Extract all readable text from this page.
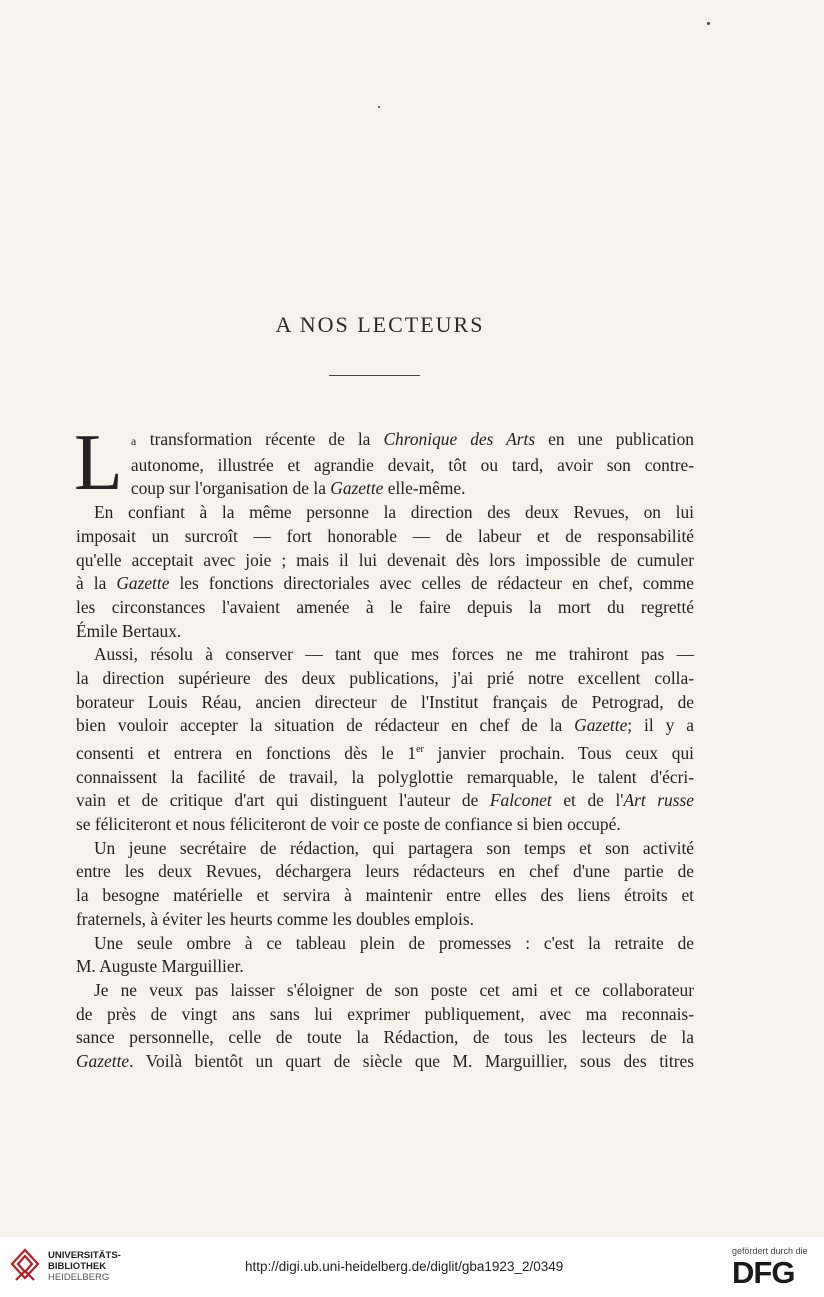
A NOS LECTEURS

L a transformation récente de la Chronique des Arts en une publication
autonome, illustrée et agrandie devait, tôt ou tard, avoir son contre-
coup sur l'organisation de la Gazette elle-même.

En confiant à la même personne la direction des deux Revues, on lui
imposait un surcroît — fort honorable — de labeur et de responsabilité
qu'elle acceptait avec joie ; mais il lui devenait dès lors impossible de cumuler
à la Gazette les fonctions directoriales avec celles de rédacteur en chef, comme
les circonstances l'avaient amenée à le faire depuis la mort du regretté
Émile Bertaux.

Aussi, résolu à conserver — tant que mes forces ne me trahiront pas —
la direction supérieure des deux publications, j'ai prié notre excellent colla-
borateur Louis Réau, ancien directeur de l'Institut français de Petrograd, de
bien vouloir accepter la situation de rédacteur en chef de la Gazette; il y a
consenti et entrera en fonctions dès le 1er janvier prochain. Tous ceux qui
connaissent la facilité de travail, la polyglottie remarquable, le talent d'écri-
vain et de critique d'art qui distinguent l'auteur de Falconet et de l'Art russe
se féliciteront et nous féliciteront de voir ce poste de confiance si bien occupé.

Un jeune secrétaire de rédaction, qui partagera son temps et son activité
entre les deux Revues, déchargera leurs rédacteurs en chef d'une partie de
la besogne matérielle et servira à maintenir entre elles des liens étroits et
fraternels, à éviter les heurts comme les doubles emplois.

Une seule ombre à ce tableau plein de promesses : c'est la retraite de
M. Auguste Marguillier.

Je ne veux pas laisser s'éloigner de son poste cet ami et ce collaborateur
de près de vingt ans sans lui exprimer publiquement, avec ma reconnais-
sance personnelle, celle de toute la Rédaction, de tous les lecteurs de la
Gazette. Voilà bientôt un quart de siècle que M. Marguillier, sous des titres

UNIVERSITÄTS-
BIBLIOTHEK
HEIDELBERG
http://digi.ub.uni-heidelberg.de/diglit/gba1923_2/0349
gefördert durch die
DFG
